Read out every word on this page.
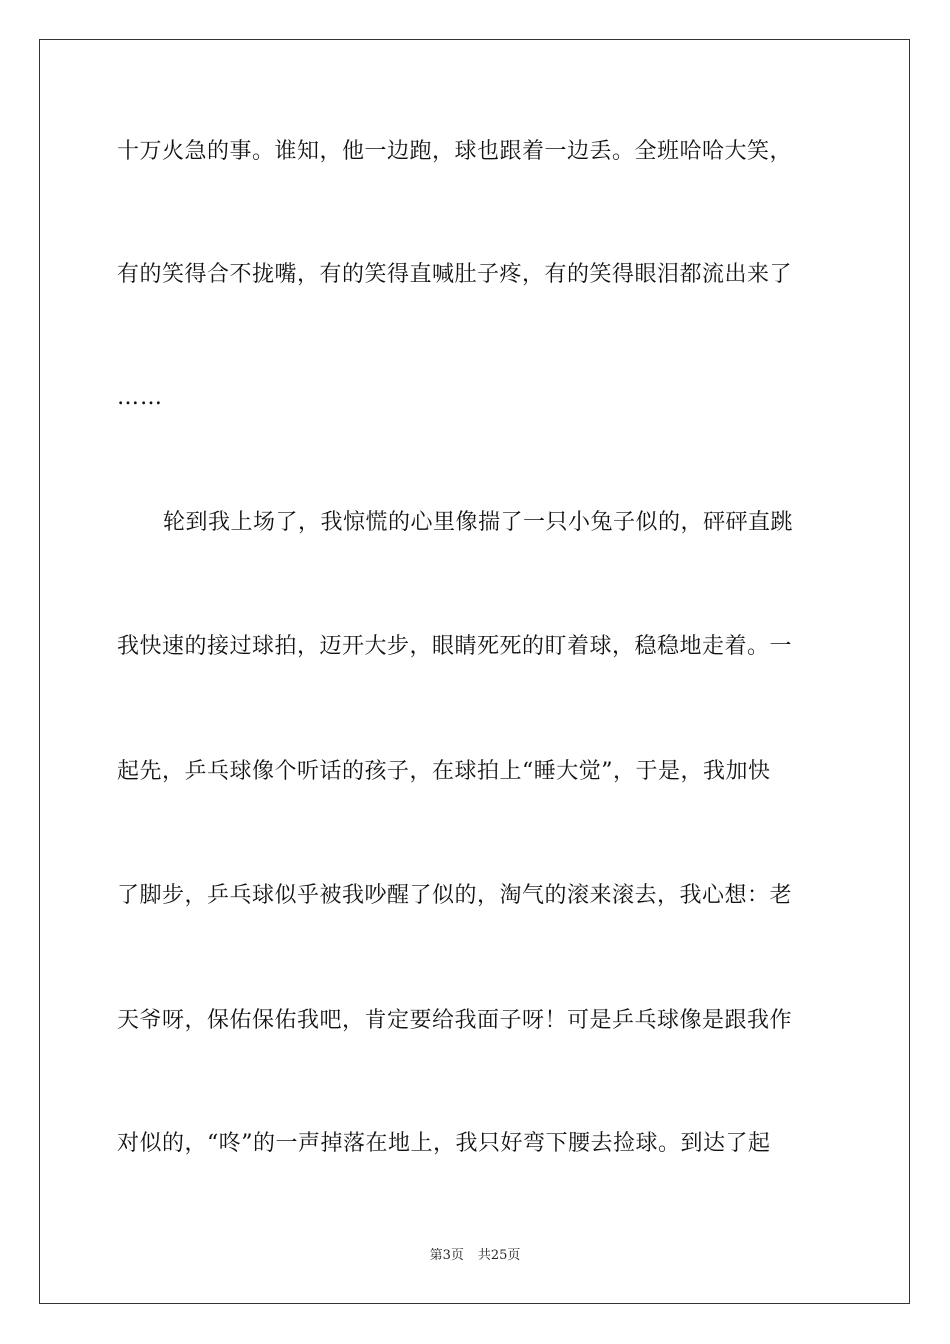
十万火急的事。谁知，他一边跑，球也跟着一边丢。全班哈哈大笑，
有的笑得合不拢嘴，有的笑得直喊肚子疼，有的笑得眼泪都流出来了
……
轮到我上场了，我惊慌的心里像揣了一只小兔子似的，砰砰直跳
我快速的接过球拍，迈开大步，眼睛死死的盯着球，稳稳地走着。一
起先，乒乓球像个听话的孩子，在球拍上“睡大觉”，于是，我加快
了脚步，乒乓球似乎被我吵醒了似的，淘气的滚来滚去，我心想：老
天爷呀，保佑保佑我吧，肯定要给我面子呀！可是乒乓球像是跟我作
对似的，“咚”的一声掉落在地上，我只好弯下腰去捡球。到达了起
第3页 共25页
